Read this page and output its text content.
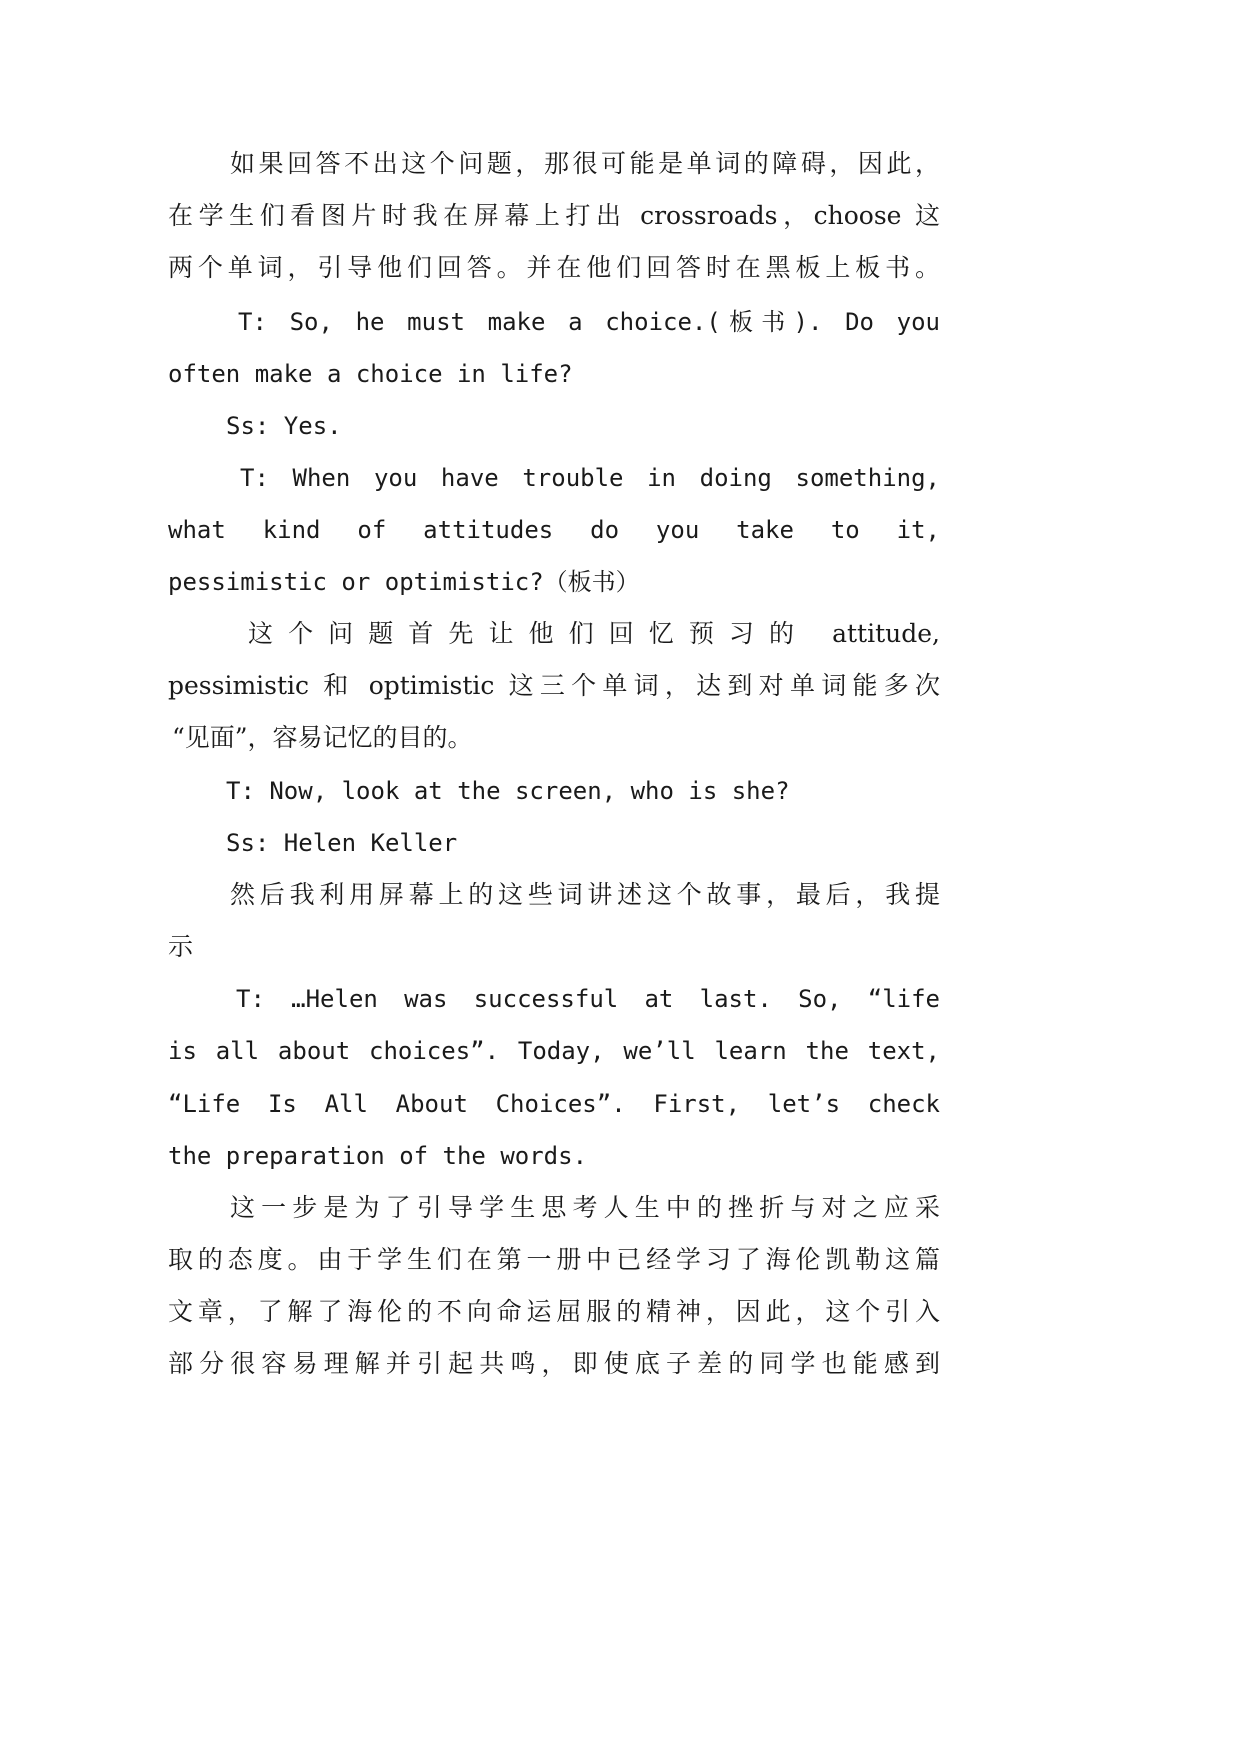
如果回答不出这个问题，那很可能是单词的障碍，因此，
在学生们看图片时我在屏幕上打出 crossroads，choose 这
两个单词，引导他们回答。并在他们回答时在黑板上板书。
T: So, he must make a choice.(板书). Do you
often make a choice in life?
Ss: Yes.
T: When you have trouble in doing something,
what kind of attitudes do you take to it,
pessimistic or optimistic?（板书）
这个问题首先让他们回忆预习的 attitude,
pessimistic 和 optimistic 这三个单词，达到对单词能多次
“见面”，容易记忆的目的。
T: Now, look at the screen, who is she?
Ss: Helen Keller
然后我利用屏幕上的这些词讲述这个故事，最后，我提
示
T: …Helen was successful at last. So, “life
is all about choices”. Today, we’ll learn the text,
“Life Is All About Choices”. First, let’s check
the preparation of the words.
这一步是为了引导学生思考人生中的挫折与对之应采
取的态度。由于学生们在第一册中已经学习了海伦凯勒这篇
文章，了解了海伦的不向命运屈服的精神，因此，这个引入
部分很容易理解并引起共鸣，即使底子差的同学也能感到
